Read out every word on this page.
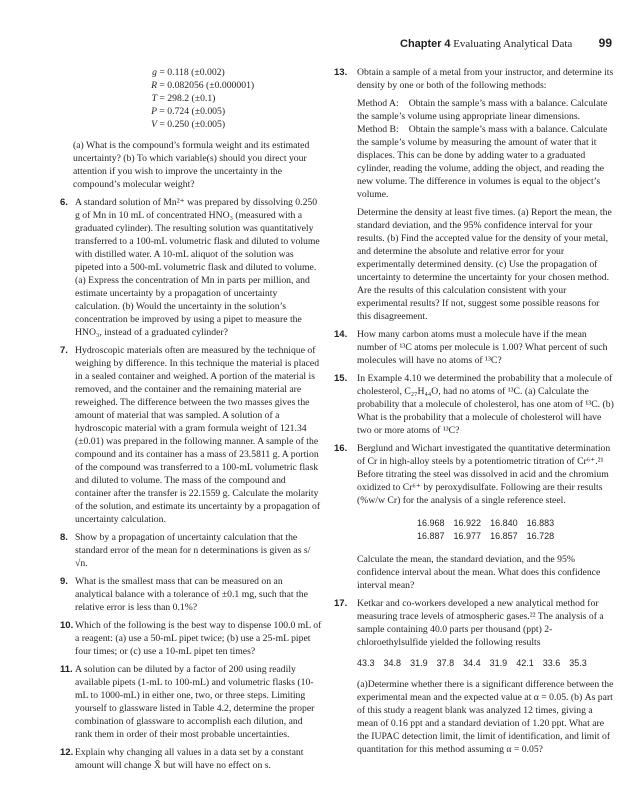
Chapter 4 Evaluating Analytical Data 99
g = 0.118 (±0.002)
R = 0.082056 (±0.000001)
T = 298.2 (±0.1)
P = 0.724 (±0.005)
V = 0.250 (±0.005)
(a) What is the compound’s formula weight and its estimated uncertainty? (b) To which variable(s) should you direct your attention if you wish to improve the uncertainty in the compound’s molecular weight?
6. A standard solution of Mn²⁺ was prepared by dissolving 0.250 g of Mn in 10 mL of concentrated HNO₃ (measured with a graduated cylinder). The resulting solution was quantitatively transferred to a 100-mL volumetric flask and diluted to volume with distilled water. A 10-mL aliquot of the solution was pipeted into a 500-mL volumetric flask and diluted to volume. (a) Express the concentration of Mn in parts per million, and estimate uncertainty by a propagation of uncertainty calculation. (b) Would the uncertainty in the solution’s concentration be improved by using a pipet to measure the HNO₃, instead of a graduated cylinder?

7. Hydroscopic materials often are measured by the technique of weighing by difference. In this technique the material is placed in a sealed container and weighed. A portion of the material is removed, and the container and the remaining material are reweighed. The difference between the two masses gives the amount of material that was sampled. A solution of a hydroscopic material with a gram formula weight of 121.34 (±0.01) was prepared in the following manner. A sample of the compound and its container has a mass of 23.5811 g. A portion of the compound was transferred to a 100-mL volumetric flask and diluted to volume. The mass of the compound and container after the transfer is 22.1559 g. Calculate the molarity of the solution, and estimate its uncertainty by a propagation of uncertainty calculation.

8. Show by a propagation of uncertainty calculation that the standard error of the mean for n determinations is given as s/√n.

9. What is the smallest mass that can be measured on an analytical balance with a tolerance of ±0.1 mg, such that the relative error is less than 0.1%?

10. Which of the following is the best way to dispense 100.0 mL of a reagent: (a) use a 50-mL pipet twice; (b) use a 25-mL pipet four times; or (c) use a 10-mL pipet ten times?

11. A solution can be diluted by a factor of 200 using readily available pipets (1-mL to 100-mL) and volumetric flasks (10-mL to 1000-mL) in either one, two, or three steps. Limiting yourself to glassware listed in Table 4.2, determine the proper combination of glassware to accomplish each dilution, and rank them in order of their most probable uncertainties.

12. Explain why changing all values in a data set by a constant amount will change X̄ but will have no effect on s.

13. Obtain a sample of a metal from your instructor, and determine its density by one or both of the following methods:

Method A: Obtain the sample’s mass with a balance. Calculate the sample’s volume using appropriate linear dimensions.

Method B: Obtain the sample’s mass with a balance. Calculate the sample’s volume by measuring the amount of water that it displaces. This can be done by adding water to a graduated cylinder, reading the volume, adding the object, and reading the new volume. The difference in volumes is equal to the object’s volume.

Determine the density at least five times. (a) Report the mean, the standard deviation, and the 95% confidence interval for your results. (b) Find the accepted value for the density of your metal, and determine the absolute and relative error for your experimentally determined density. (c) Use the propagation of uncertainty to determine the uncertainty for your chosen method. Are the results of this calculation consistent with your experimental results? If not, suggest some possible reasons for this disagreement.

14. How many carbon atoms must a molecule have if the mean number of ¹³C atoms per molecule is 1.00? What percent of such molecules will have no atoms of ¹³C?

15. In Example 4.10 we determined the probability that a molecule of cholesterol, C₂₇H₄₄O, had no atoms of ¹³C. (a) Calculate the probability that a molecule of cholesterol, has one atom of ¹³C. (b) What is the probability that a molecule of cholesterol will have two or more atoms of ¹³C?

16. Berglund and Wichart investigated the quantitative determination of Cr in high-alloy steels by a potentiometric titration of Cr⁶⁺.²¹ Before titrating the steel was dissolved in acid and the chromium oxidized to Cr⁶⁺ by peroxydisulfate. Following are their results (%w/w Cr) for the analysis of a single reference steel.

16.968 16.922 16.840 16.883
16.887 16.977 16.857 16.728

Calculate the mean, the standard deviation, and the 95% confidence interval about the mean. What does this confidence interval mean?

17. Ketkar and co-workers developed a new analytical method for measuring trace levels of atmospheric gases.²² The analysis of a sample containing 40.0 parts per thousand (ppt) 2-chloroethylsulfide yielded the following results

43.3 34.8 31.9 37.8 34.4 31.9 42.1 33.6 35.3

(a)Determine whether there is a significant difference between the experimental mean and the expected value at α = 0.05. (b) As part of this study a reagent blank was analyzed 12 times, giving a mean of 0.16 ppt and a standard deviation of 1.20 ppt. What are the IUPAC detection limit, the limit of identification, and limit of quantitation for this method assuming α = 0.05?
